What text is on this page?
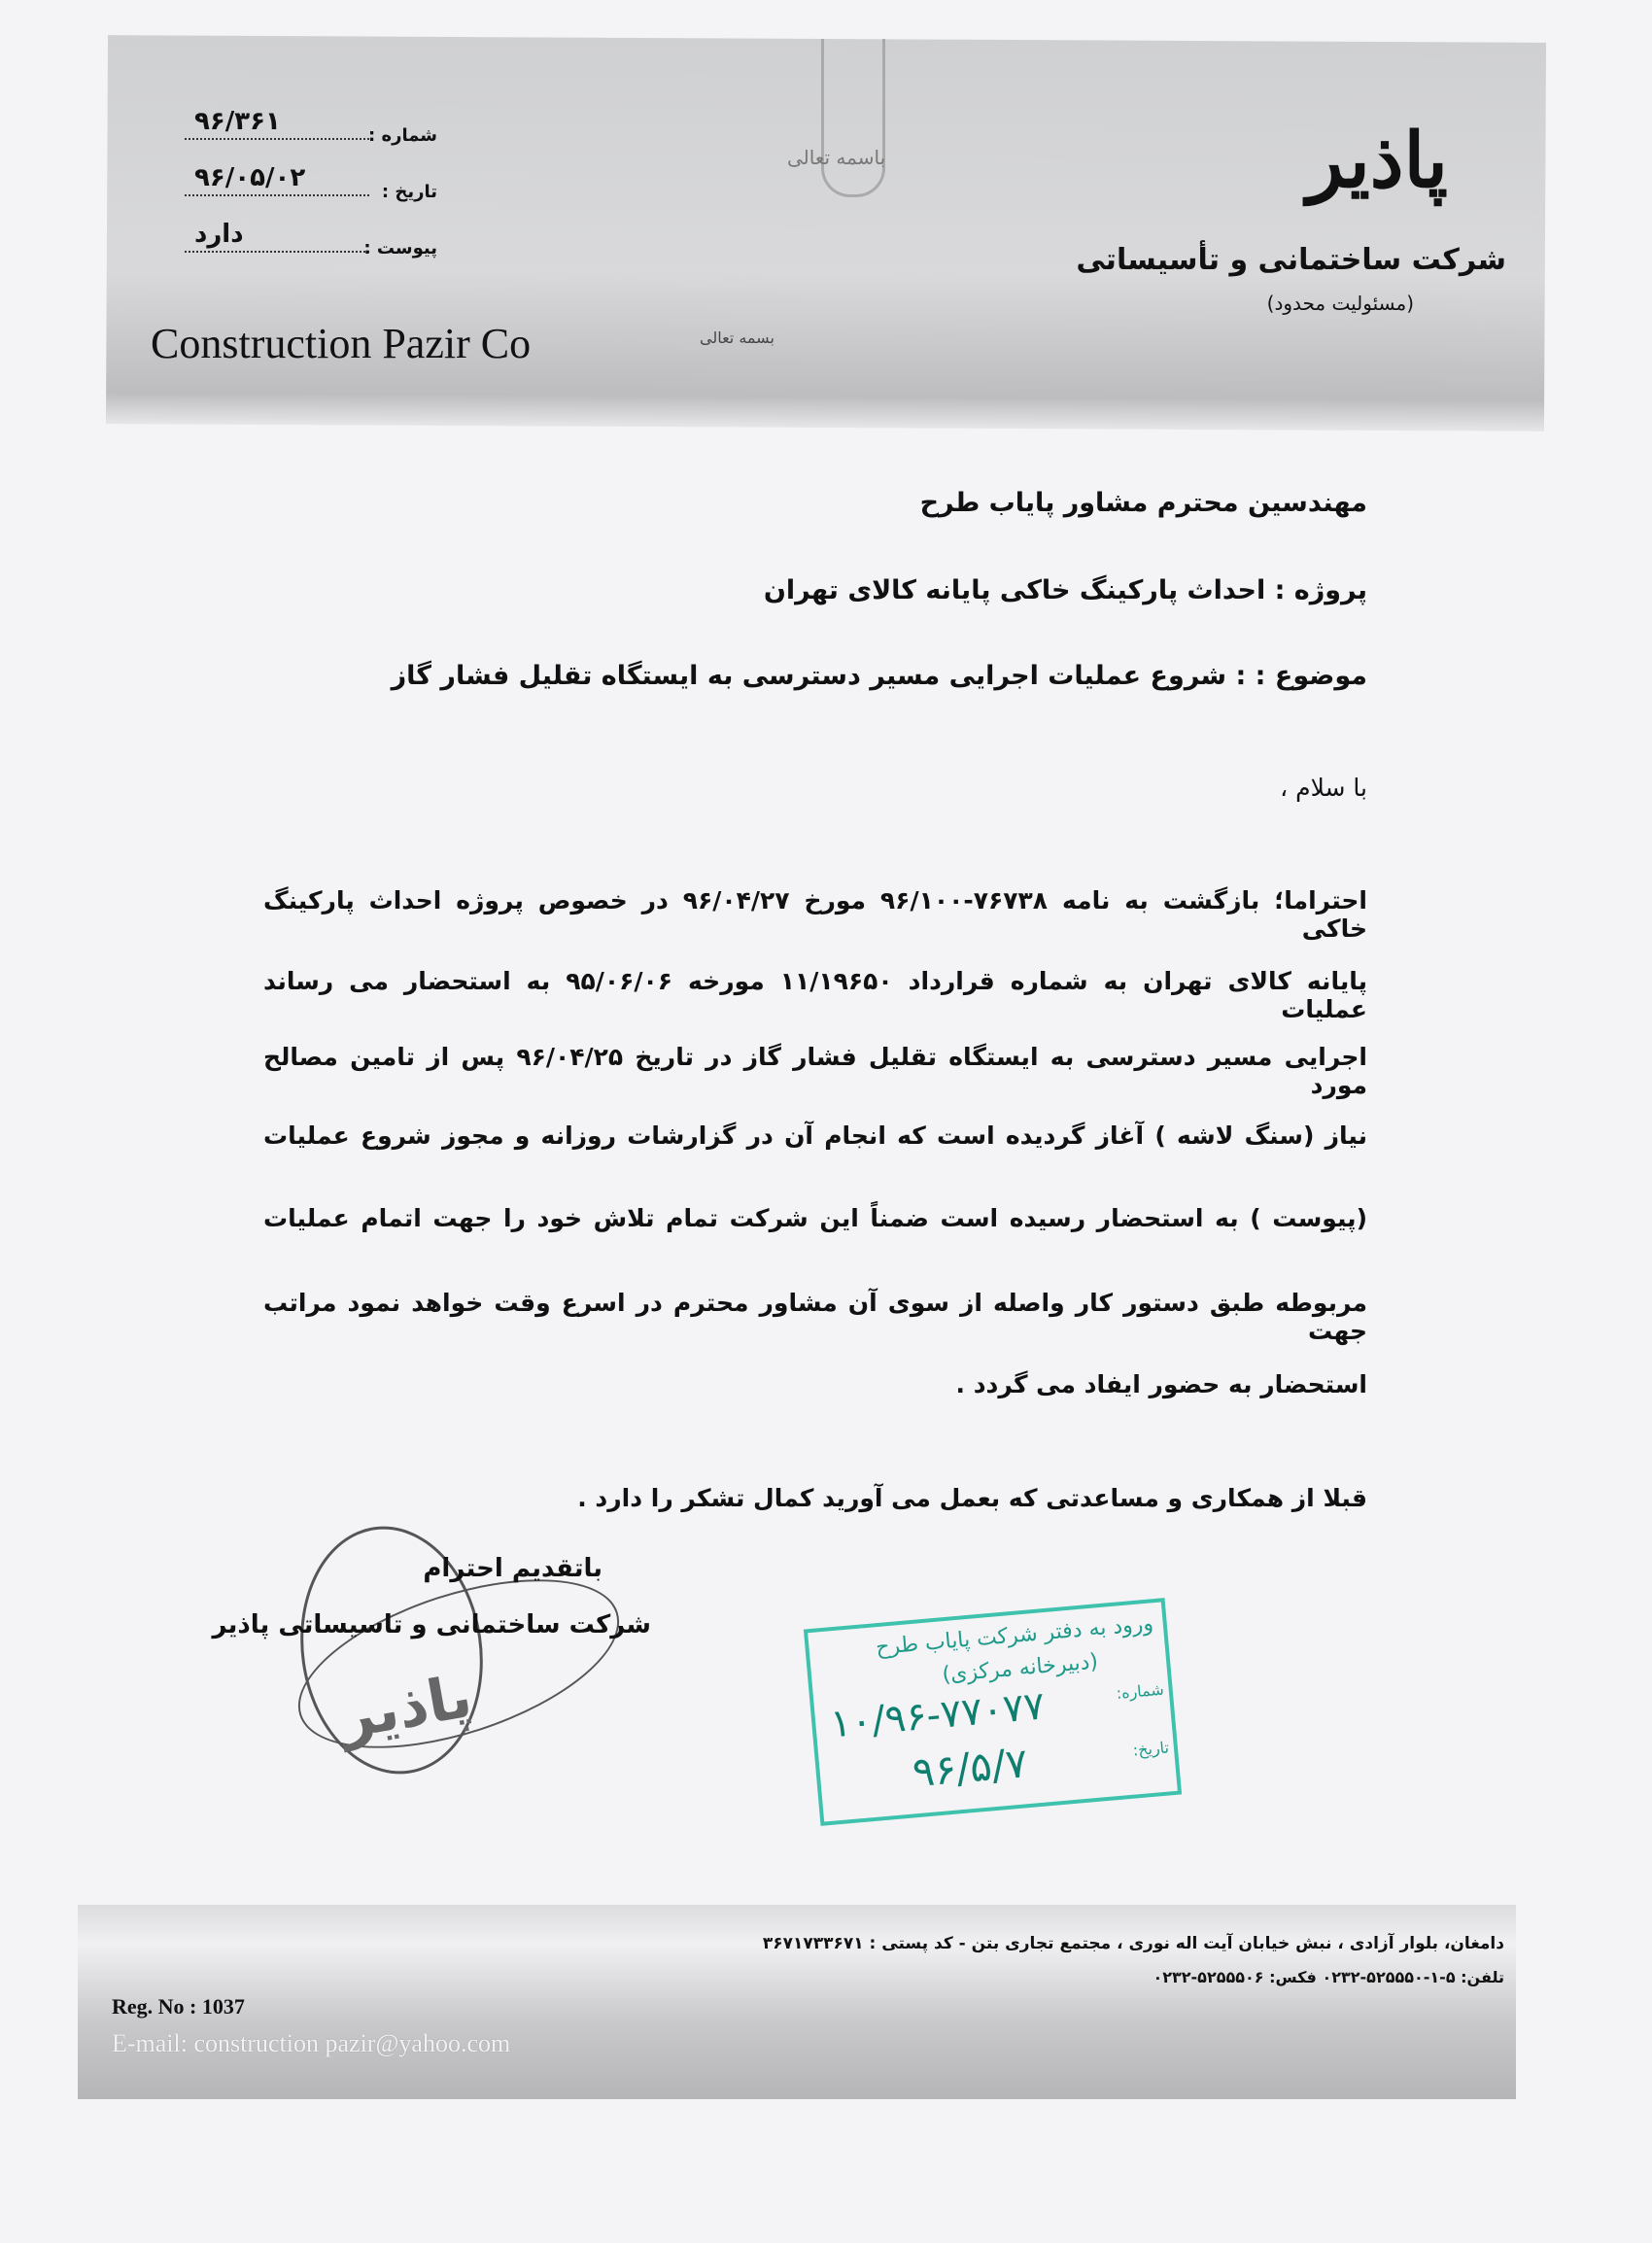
باسمه تعالی	پاذیر
شرکت ساختمانی و تأسیساتی
(مسئولیت محدود)
Construction Pazir Co	بسمه تعالی
۹۶/۳۶۱	شماره :
۹۶/۰۵/۰۲	تاریخ :
دارد	پیوست :
مهندسین محترم مشاور پایاب طرح
پروژه : احداث پارکینگ خاکی پایانه کالای تهران
موضوع : : شروع عملیات اجرایی مسیر دسترسی به ایستگاه تقلیل فشار گاز
با سلام ،
احتراما؛ بازگشت به نامه ۷۶۷۳۸-۹۶/۱۰۰ مورخ ۹۶/۰۴/۲۷ در خصوص پروژه احداث پارکینگ خاکی
پایانه کالای تهران به شماره قرارداد ۱۱/۱۹۶۵۰ مورخه ۹۵/۰۶/۰۶ به استحضار می رساند عملیات
اجرایی مسیر دسترسی به ایستگاه تقلیل فشار گاز در تاریخ ۹۶/۰۴/۲۵ پس از تامین مصالح مورد
نیاز (سنگ لاشه ) آغاز گردیده است که انجام آن در گزارشات روزانه و مجوز شروع عملیات
(پیوست ) به استحضار رسیده است ضمناً این شرکت تمام تلاش خود را جهت اتمام عملیات
مربوطه طبق دستور کار واصله از سوی آن مشاور محترم در اسرع وقت خواهد نمود مراتب جهت
استحضار به حضور ایفاد می گردد .
قبلا از همکاری و مساعدتی که بعمل می آورید کمال تشکر را دارد .
پاذیر
باتقدیم احترام
شرکت ساختمانی و تاسیساتی پاذیر	ورود به دفتر شرکت پایاب طرح
(دبیرخانه مرکزی)
شماره:
۱۰/۹۶-۷۷۰۷۷
تاریخ:
۹۶/۵/۷
دامغان، بلوار آزادی ، نبش خیابان آیت اله نوری ، مجتمع تجاری بتن - کد پستی : ۳۶۷۱۷۳۳۶۷۱
تلفن: ۵-۱-۵۲۵۵۵۰-۰۲۳۲ فکس: ۵۲۵۵۵۰۶-۰۲۳۲
Reg. No : 1037
E-mail: construction pazir@yahoo.com
